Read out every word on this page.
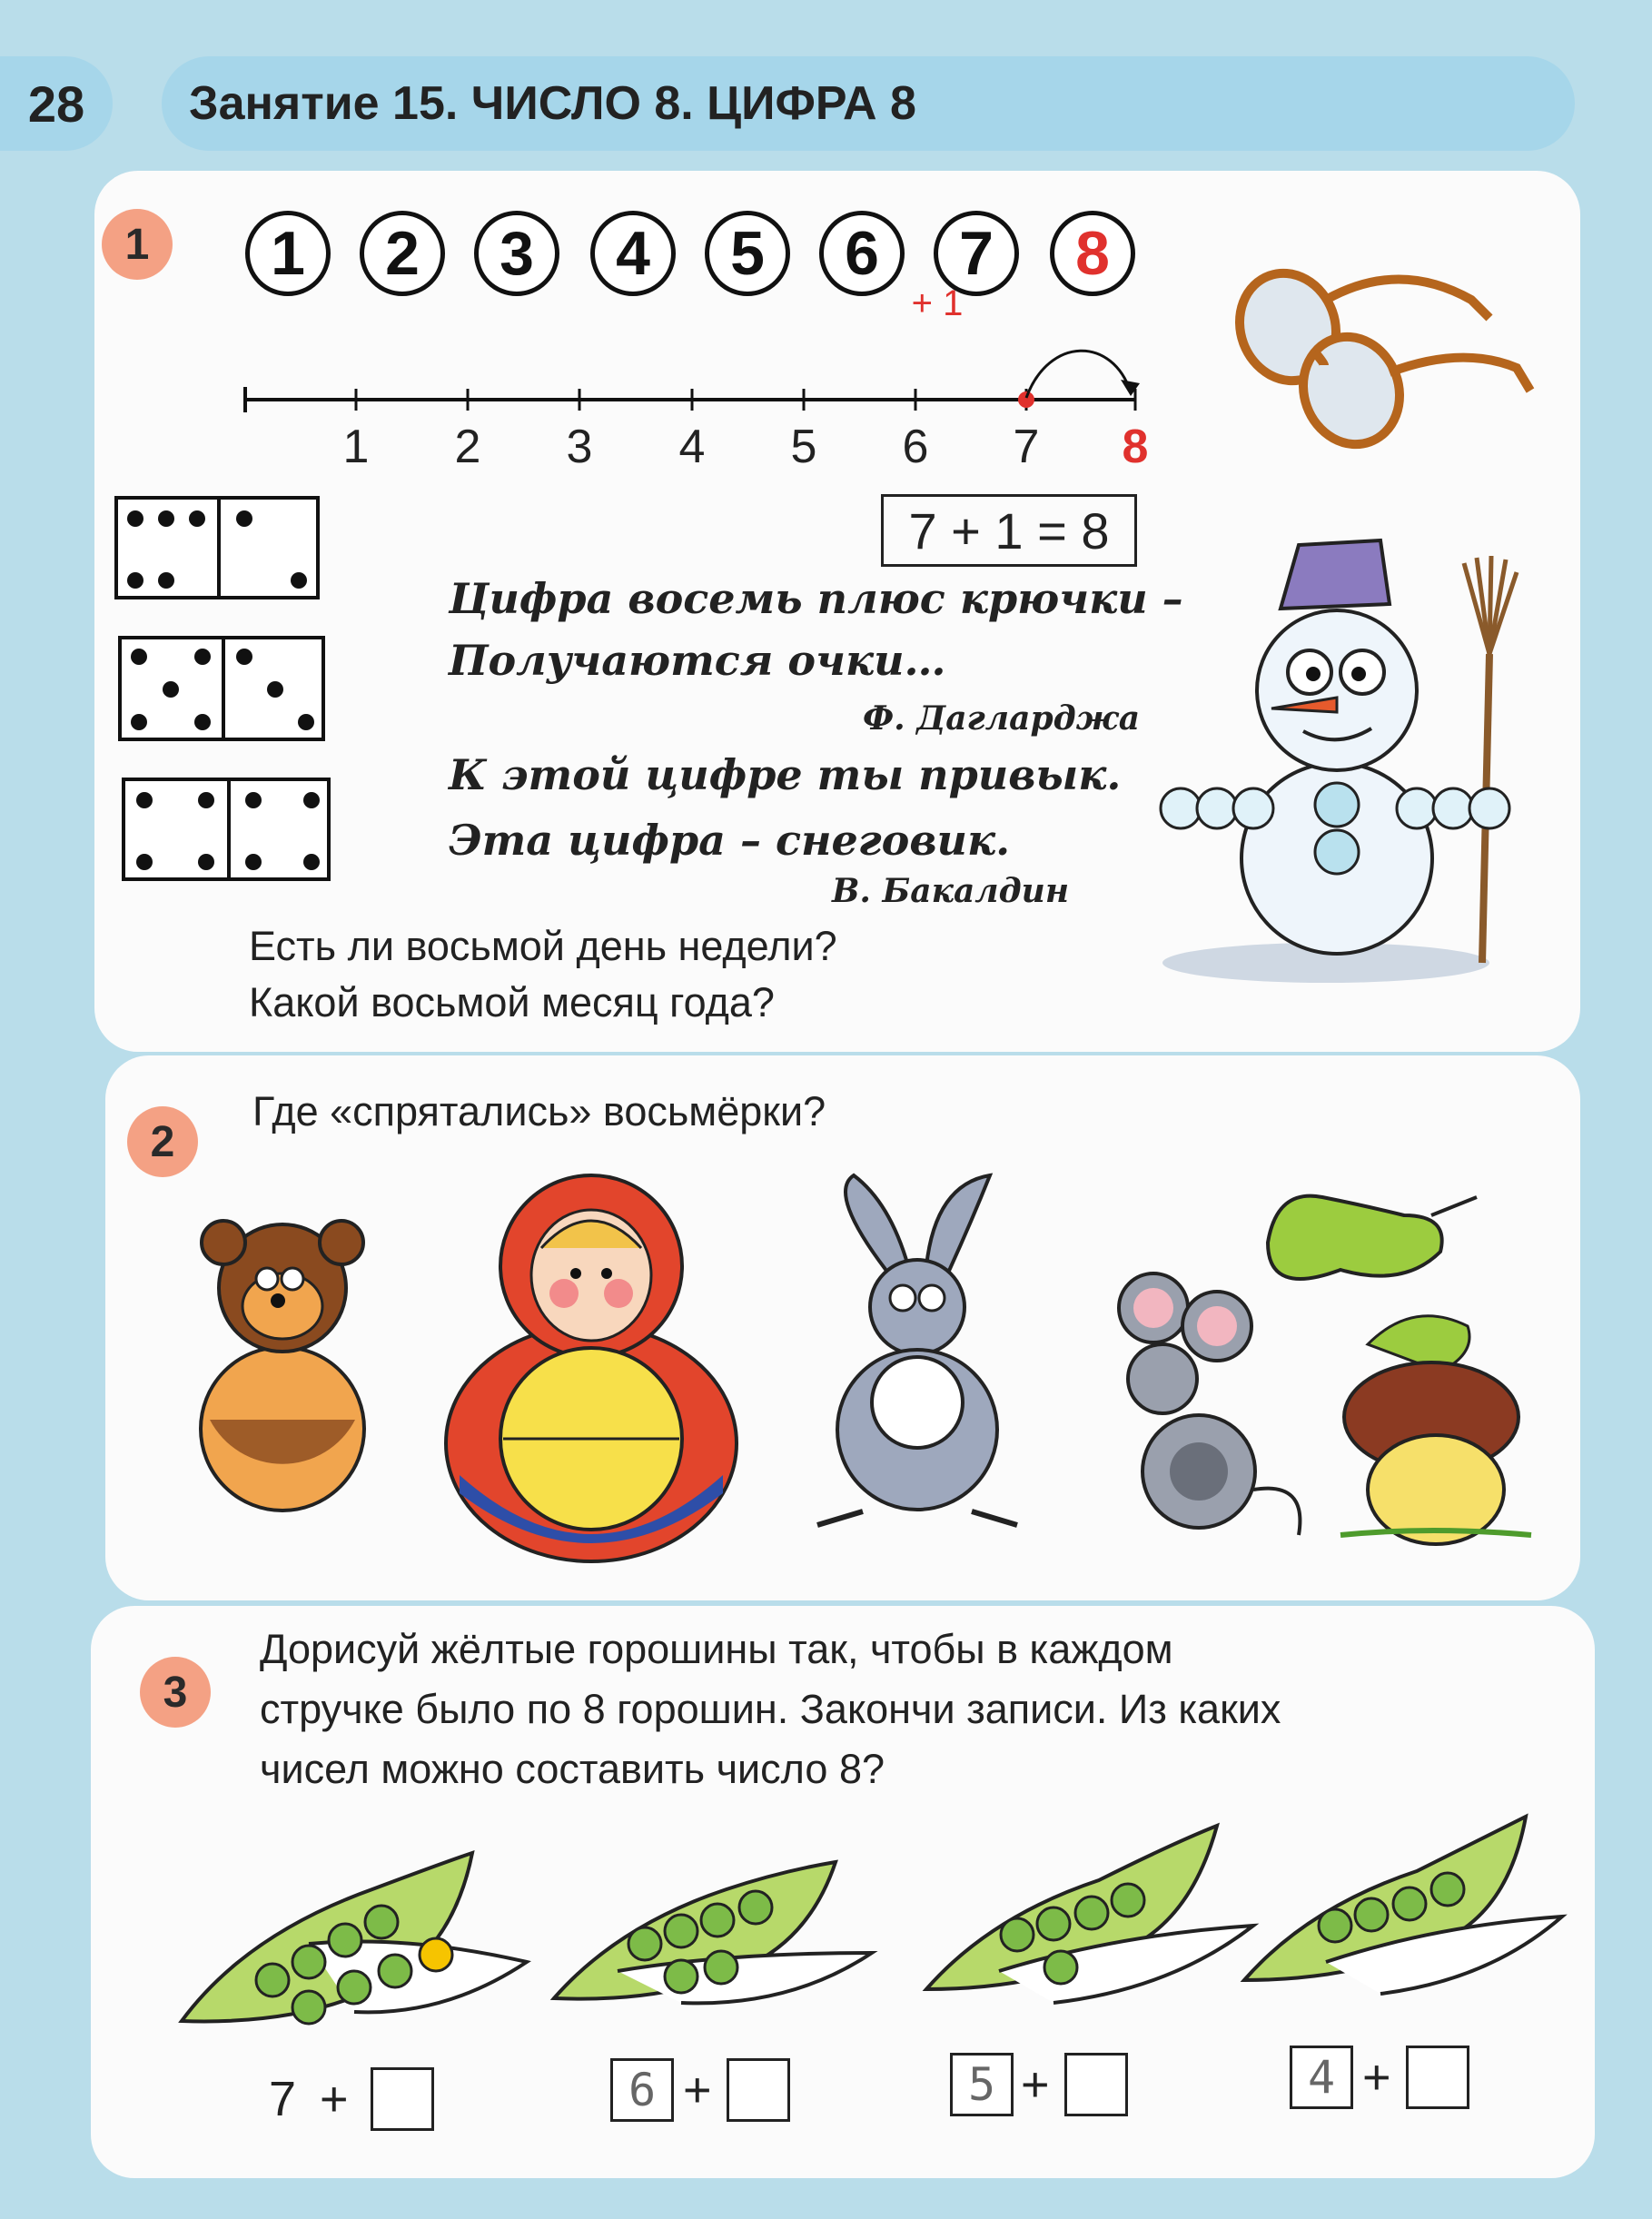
28	Занятие 15. ЧИСЛО 8. ЦИФРА 8
1	1	2	3	4	5	6	7	8
+ 1
1 2 3 4 5 6 7 8
7 + 1 = 8
Цифра восемь плюс крючки –
Получаются очки…
Ф. Дагларджа
К этой цифре ты привык.
Эта цифра – снеговик.
В. Бакалдин
Есть ли восьмой день недели?
Какой восьмой месяц года?
2
Где «спрятались» восьмёрки?
3
Дорисуй жёлтые горошины так, чтобы в каждом
стручке было по 8 горошин. Закончи записи. Из каких
чисел можно составить число 8?
7 +	6 +	5 +	4 +
